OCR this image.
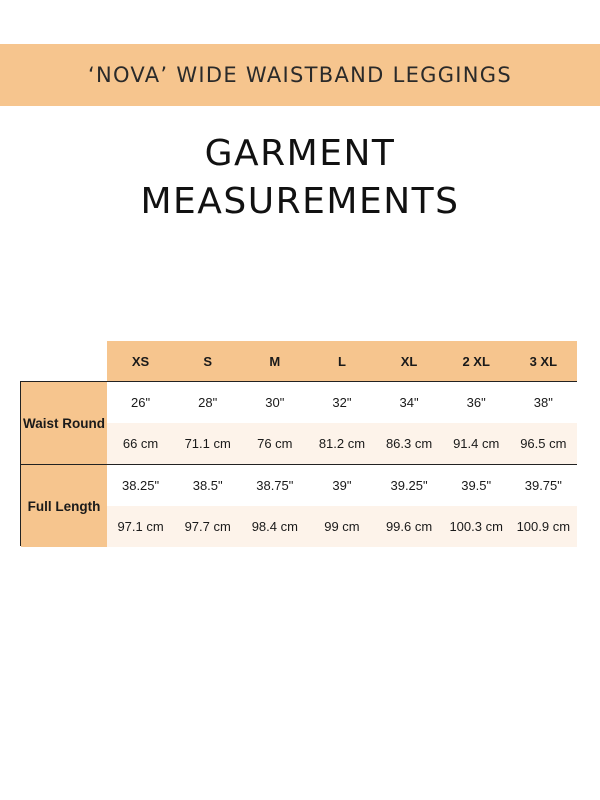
‘NOVA’ WIDE WAISTBAND LEGGINGS
GARMENT
MEASUREMENTS
XS	S	M	L	XL	2 XL	3 XL
Waist Round
26"	28"	30"	32"	34"	36"	38"
66 cm	71.1 cm	76 cm	81.2 cm	86.3 cm	91.4 cm	96.5 cm
Full Length
38.25"	38.5"	38.75"	39"	39.25"	39.5"	39.75"
97.1 cm	97.7 cm	98.4 cm	99 cm	99.6 cm	100.3 cm	100.9 cm
